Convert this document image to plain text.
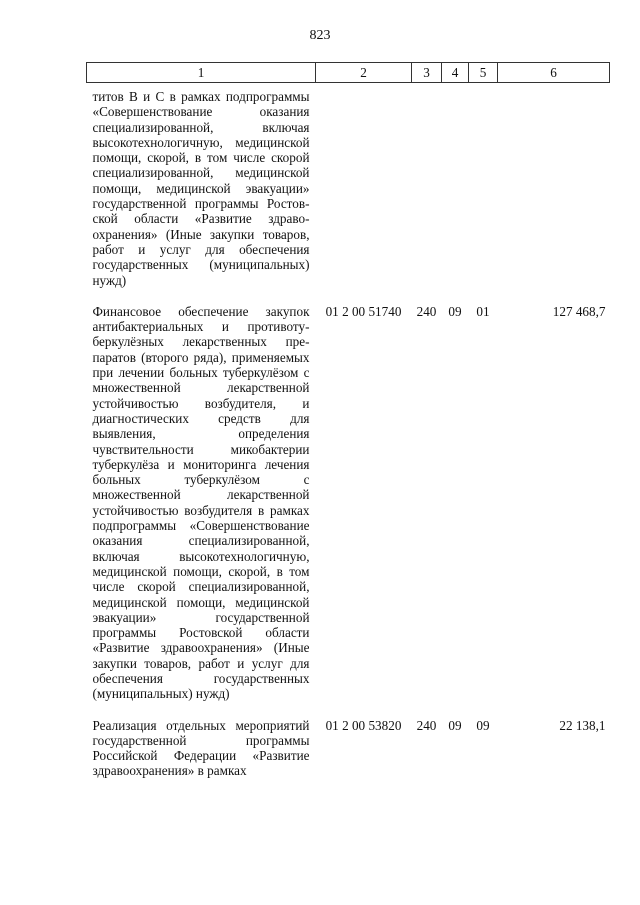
823
1	2	3	4	5	6
титов В и С в рамках подпрограммы «Совершенствование оказания специализированной, включая высокотехнологичную, медицинской помощи, скорой, в том числе скорой специализированной, медицинской помощи, медицинской эвакуации» государственной программы Ростовской области «Развитие здравоохранения» (Иные закупки товаров, работ и услуг для обеспечения государственных (муниципальных) нужд)					
Финансовое обеспечение закупок антибактериальных и противотуберкулёзных лекарственных препаратов (второго ряда), применяемых при лечении больных туберкулёзом с множественной лекарственной устойчивостью возбудителя, и диагностических средств для выявления, определения чувствительности микобактерии туберкулёза и мониторинга лечения больных туберкулёзом с множественной лекарственной устойчивостью возбудителя в рамках подпрограммы «Совершенствование оказания специализированной, включая высокотехнологичную, медицинской помощи, скорой, в том числе скорой специализированной, медицинской помощи, медицинской эвакуации» государственной программы Ростовской области «Развитие здравоохранения» (Иные закупки товаров, работ и услуг для обеспечения государственных (муниципальных) нужд)	01 2 00 51740	240	09	01	127 468,7
Реализация отдельных мероприятий государственной программы Российской Федерации «Развитие здравоохранения» в рамках	01 2 00 53820	240	09	09	22 138,1
